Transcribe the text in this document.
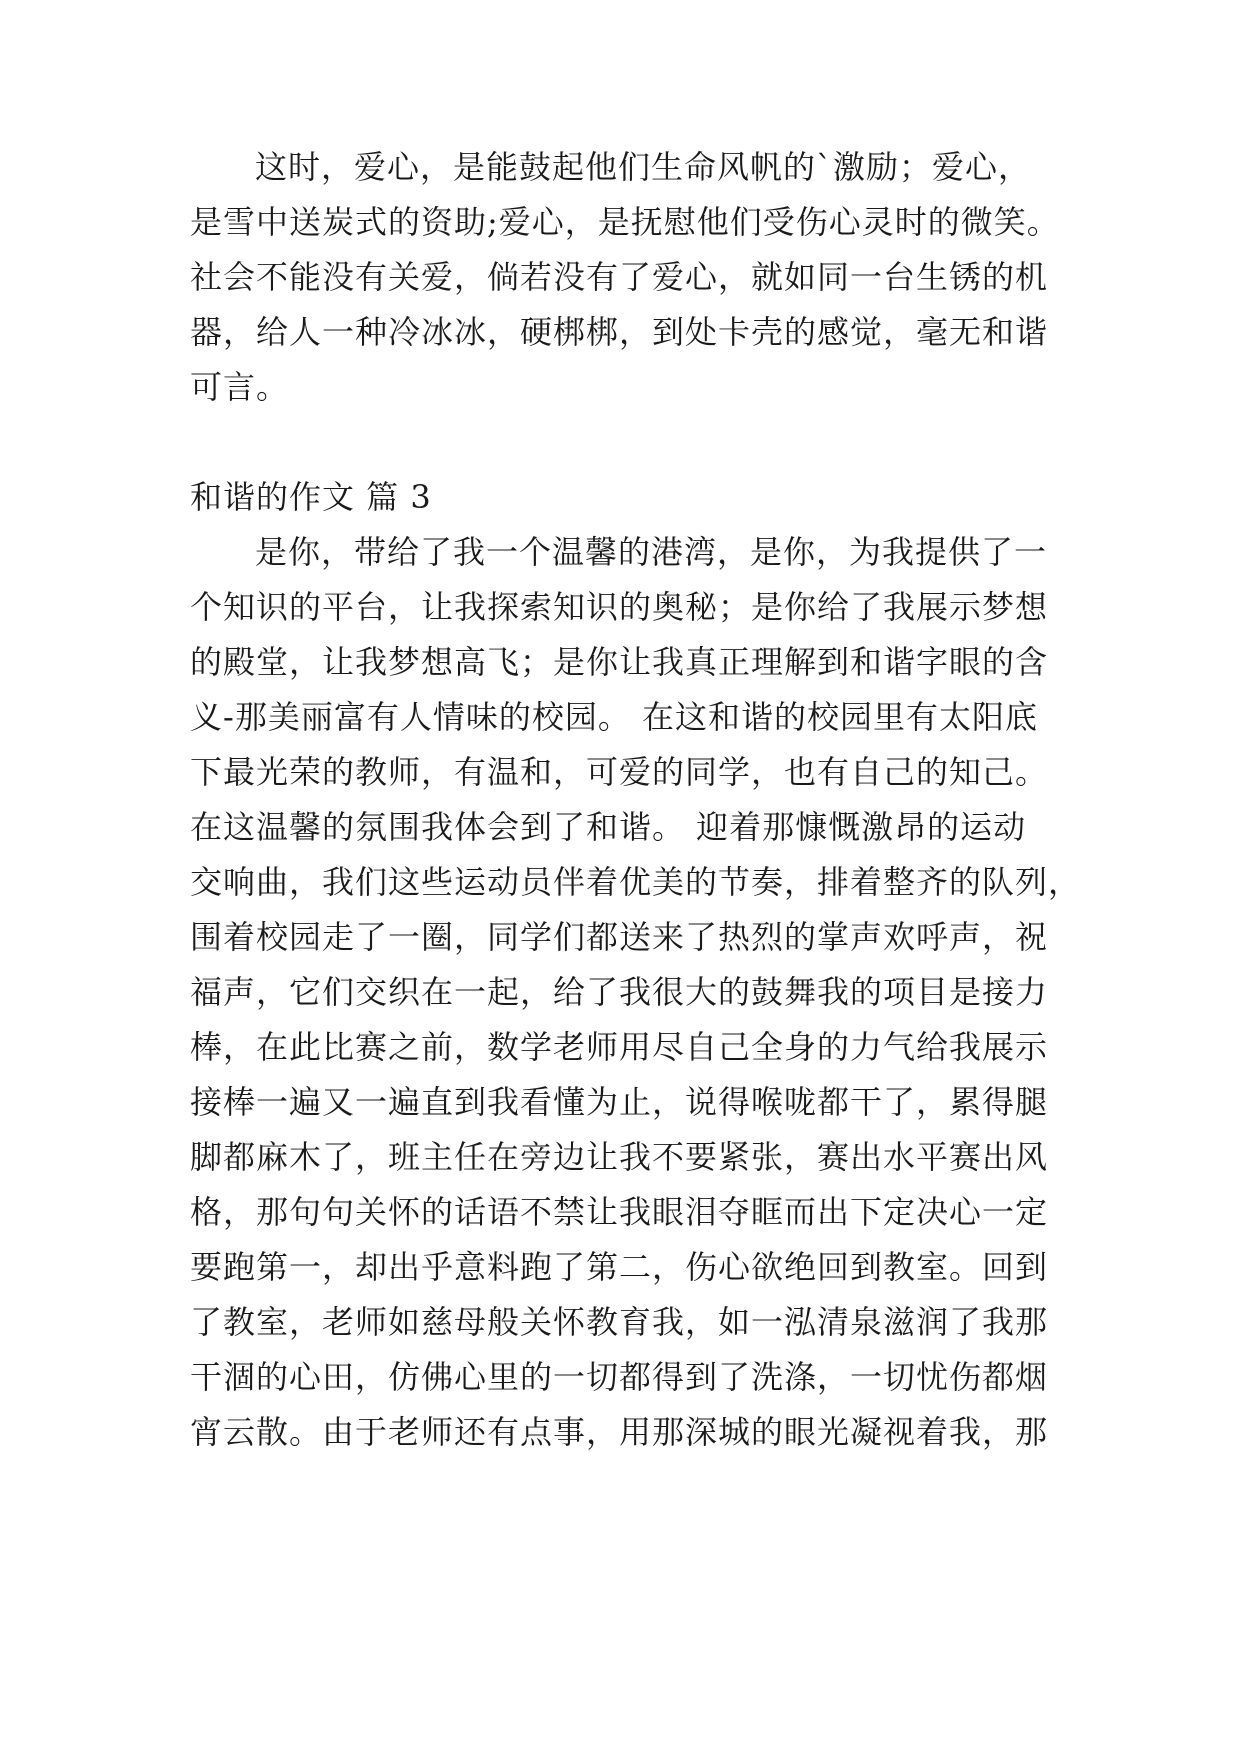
这时，爱心，是能鼓起他们生命风帆的`激励；爱心，

是雪中送炭式的资助;爱心，是抚慰他们受伤心灵时的微笑。

社会不能没有关爱，倘若没有了爱心，就如同一台生锈的机

器，给人一种冷冰冰，硬梆梆，到处卡壳的感觉，毫无和谐

可言。

和谐的作文 篇 3

是你，带给了我一个温馨的港湾，是你，为我提供了一

个知识的平台，让我探索知识的奥秘；是你给了我展示梦想

的殿堂，让我梦想高飞；是你让我真正理解到和谐字眼的含

义-那美丽富有人情味的校园。 在这和谐的校园里有太阳底

下最光荣的教师，有温和，可爱的同学，也有自己的知己。

在这温馨的氛围我体会到了和谐。 迎着那慷慨激昂的运动

交响曲，我们这些运动员伴着优美的节奏，排着整齐的队列，

围着校园走了一圈，同学们都送来了热烈的掌声欢呼声，祝

福声，它们交织在一起，给了我很大的鼓舞我的项目是接力

棒，在此比赛之前，数学老师用尽自己全身的力气给我展示

接棒一遍又一遍直到我看懂为止，说得喉咙都干了，累得腿

脚都麻木了，班主任在旁边让我不要紧张，赛出水平赛出风

格，那句句关怀的话语不禁让我眼泪夺眶而出下定决心一定

要跑第一，却出乎意料跑了第二，伤心欲绝回到教室。回到

了教室，老师如慈母般关怀教育我，如一泓清泉滋润了我那

干涸的心田，仿佛心里的一切都得到了洗涤，一切忧伤都烟

宵云散。由于老师还有点事，用那深城的眼光凝视着我，那
